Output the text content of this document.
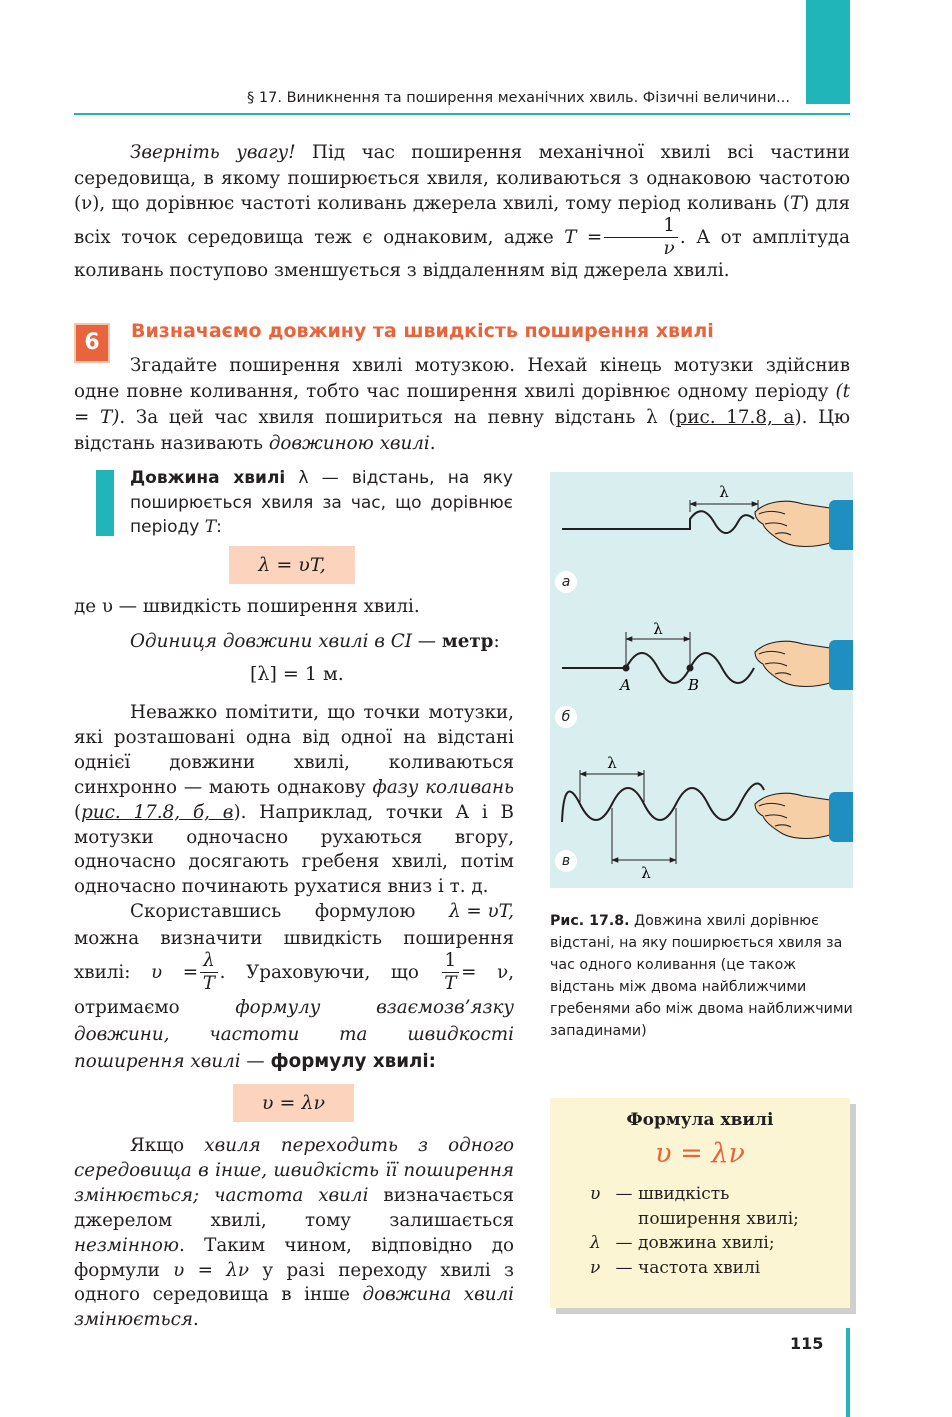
§ 17. Виникнення та поширення механічних хвиль. Фізичні величини...

Зверніть увагу! Під час поширення механічної хвилі всі частини середовища, в якому поширюється хвиля, коливаються з однаковою частотою (ν), що дорівнює частоті коливань джерела хвилі, тому період коливань (T) для всіх точок середовища теж є однаковим, адже $T = \frac{1}{\nu}$ . А от амплітуда коливань поступово зменшується з віддаленням від джерела хвилі.

6	Визначаємо довжину та швидкість поширення хвилі

Згадайте поширення хвилі мотузкою. Нехай кінець мотузки здійснив одне повне коливання, тобто час поширення хвилі дорівнює одному періоду (t = T). За цей час хвиля пошириться на певну відстань λ (рис. 17.8, а). Цю відстань називають довжиною хвилі.

Довжина хвилі λ — відстань, на яку поширюється хвиля за час, що дорівнює періоду T:
λ = υT,
де υ — швидкість поширення хвилі.
Одиниця довжини хвилі в СІ — метр:
[λ] = 1 м.

Неважко помітити, що точки мотузки, які розташовані одна від одної на відстані однієї довжини хвилі, коливаються синхронно — мають однакову фазу коливань (рис. 17.8, б, в). Наприклад, точки A і B мотузки одночасно рухаються вгору, одночасно досягають гребеня хвилі, потім одночасно починають рухатися вниз і т. д.

Скориставшись формулою λ = υT,

можна визначити швидкість поширення хвилі: $\upsilon = \frac{\lambda}{T}$ . Ураховуючи, що $\frac{1}{T} = \nu$, отримаємо формулу взаємозв’язку довжини, частоти та швидкості поширення хвилі — формулу хвилі:

υ = λν

Якщо хвиля переходить з одного середовища в інше, швидкість її поширення змінюється; частота хвилі визначається джерелом хвилі, тому залишається незмінною. Таким чином, відповідно до формули υ = λν у разі переходу хвилі з одного середовища в інше довжина хвилі змінюється.

λ
λ
A	B
λ
λ
а
б
в
Рис. 17.8. Довжина хвилі дорівнює відстані, на яку поширюється хвиля за час одного коливання (це також відстань між двома найближчими гребенями або між двома найближчими западинами)
Формула хвилі
υ = λν
υ — швидкість поширення хвилі;
λ — довжина хвилі;
ν — частота хвилі
115
